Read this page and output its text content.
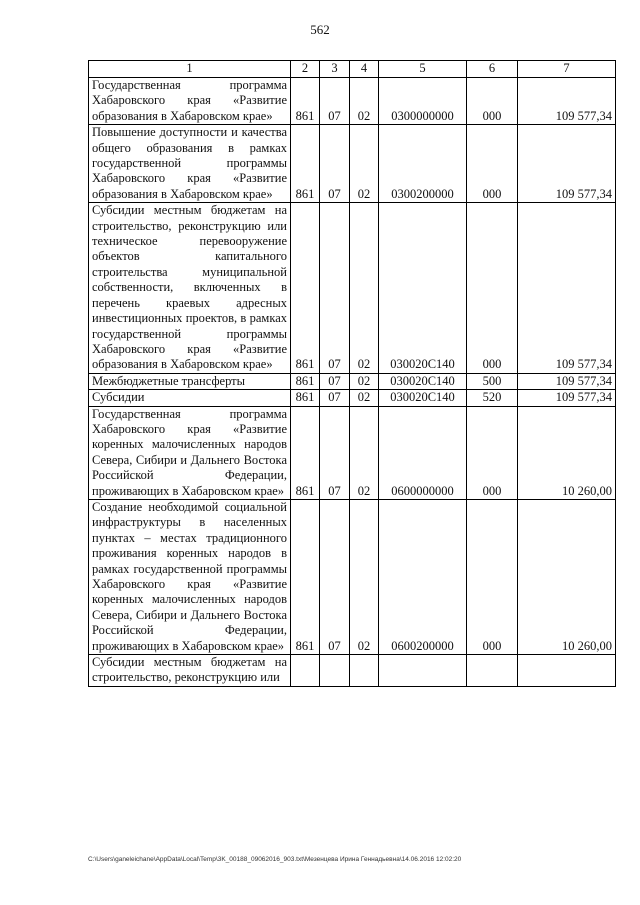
562
1	2	3	4	5	6	7
Государственная программа Хабаровского края «Развитие образования в Хабаровском крае»	861	07	02	0300000000	000	109 577,34
Повышение доступности и качества общего образования в рамках государственной программы Хабаровского края «Развитие образования в Хабаровском крае»	861	07	02	0300200000	000	109 577,34
Субсидии местным бюджетам на строительство, реконструкцию или техническое перевооружение объектов капитального строительства муниципальной собственности, включенных в перечень краевых адресных инвестиционных проектов, в рамках государственной программы Хабаровского края «Развитие образования в Хабаровском крае»	861	07	02	030020С140	000	109 577,34
Межбюджетные трансферты	861	07	02	030020С140	500	109 577,34
Субсидии	861	07	02	030020С140	520	109 577,34
Государственная программа Хабаровского края «Развитие коренных малочисленных народов Севера, Сибири и Дальнего Востока Российской Федерации, проживающих в Хабаровском крае»	861	07	02	0600000000	000	10 260,00
Создание необходимой социальной инфраструктуры в населенных пунктах – местах традиционного проживания коренных народов в рамках государственной программы Хабаровского края «Развитие коренных малочисленных народов Севера, Сибири и Дальнего Востока Российской Федерации, проживающих в Хабаровском крае»	861	07	02	0600200000	000	10 260,00
Субсидии местным бюджетам на строительство, реконструкцию или						
C:\Users\ganeleichane\AppData\Local\Temp\3K_00188_09062016_903.txt\Мезенцева Ирина Геннадьевна\14.06.2016 12:02:20
